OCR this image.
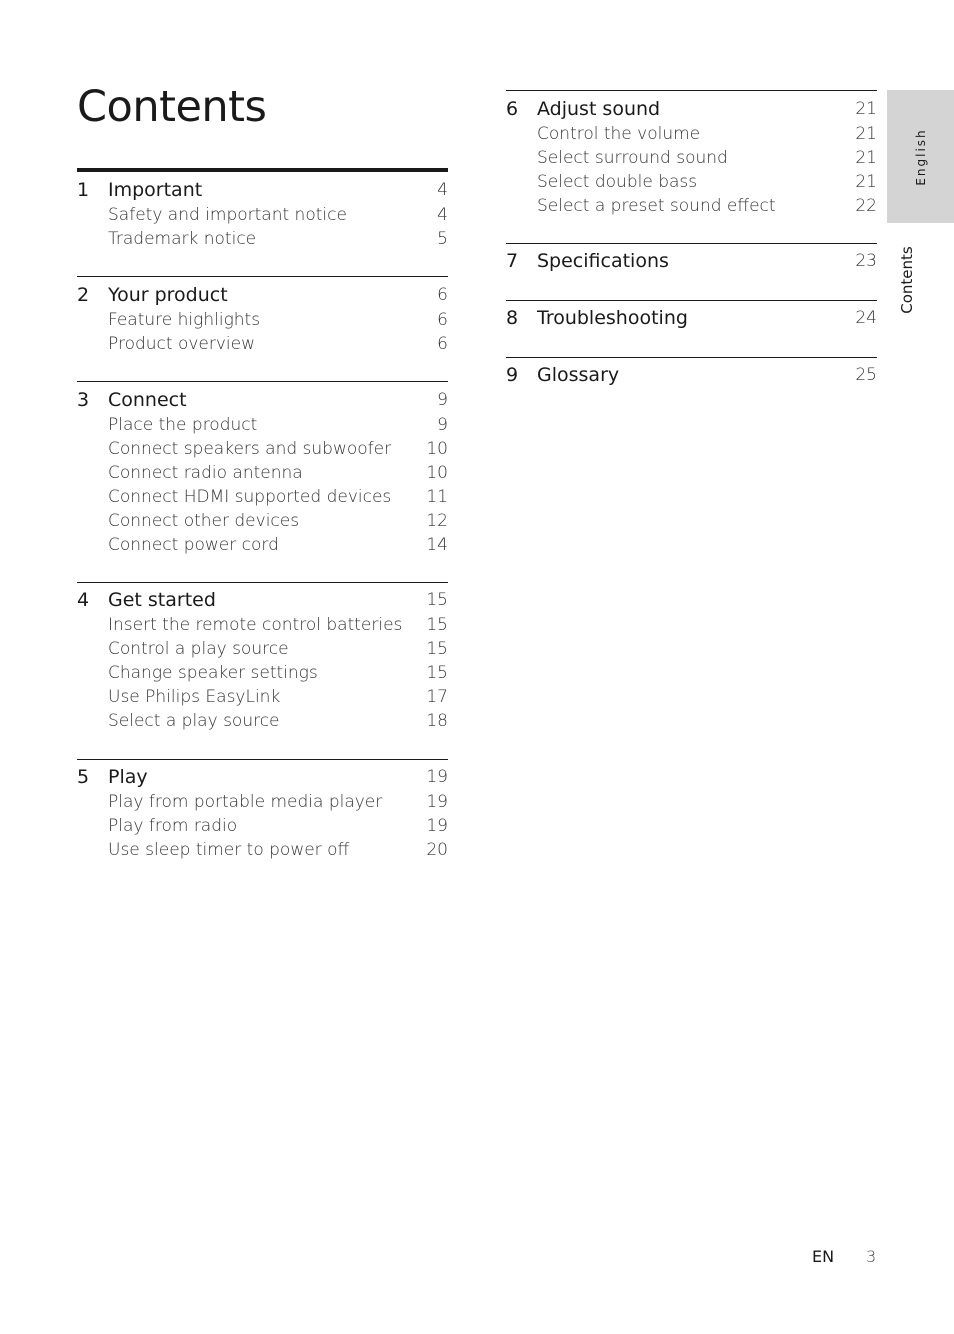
Contents
1 Important	4
Safety and important notice	4
Trademark notice	5
2 Your product	6
Feature highlights	6
Product overview	6
3 Connect	9
Place the product	9
Connect speakers and subwoofer 10
Connect radio antenna	10
Connect HDMI supported devices 11
Connect other devices	12
Connect power cord	14
4 Get started	15
Insert the remote control batteries 15
Control a play source	15
Change speaker settings	15
Use Philips EasyLink	17
Select a play source	18
5 Play	19
Play from portable media player	19
Play from radio	19
Use sleep timer to power off	20
6 Adjust sound	21
Control the volume	21
Select surround sound	21
Select double bass	21
Select a preset sound effect	22
7 Specifications	23
8 Troubleshooting	24
9 Glossary	25
English
Contents
EN 3
